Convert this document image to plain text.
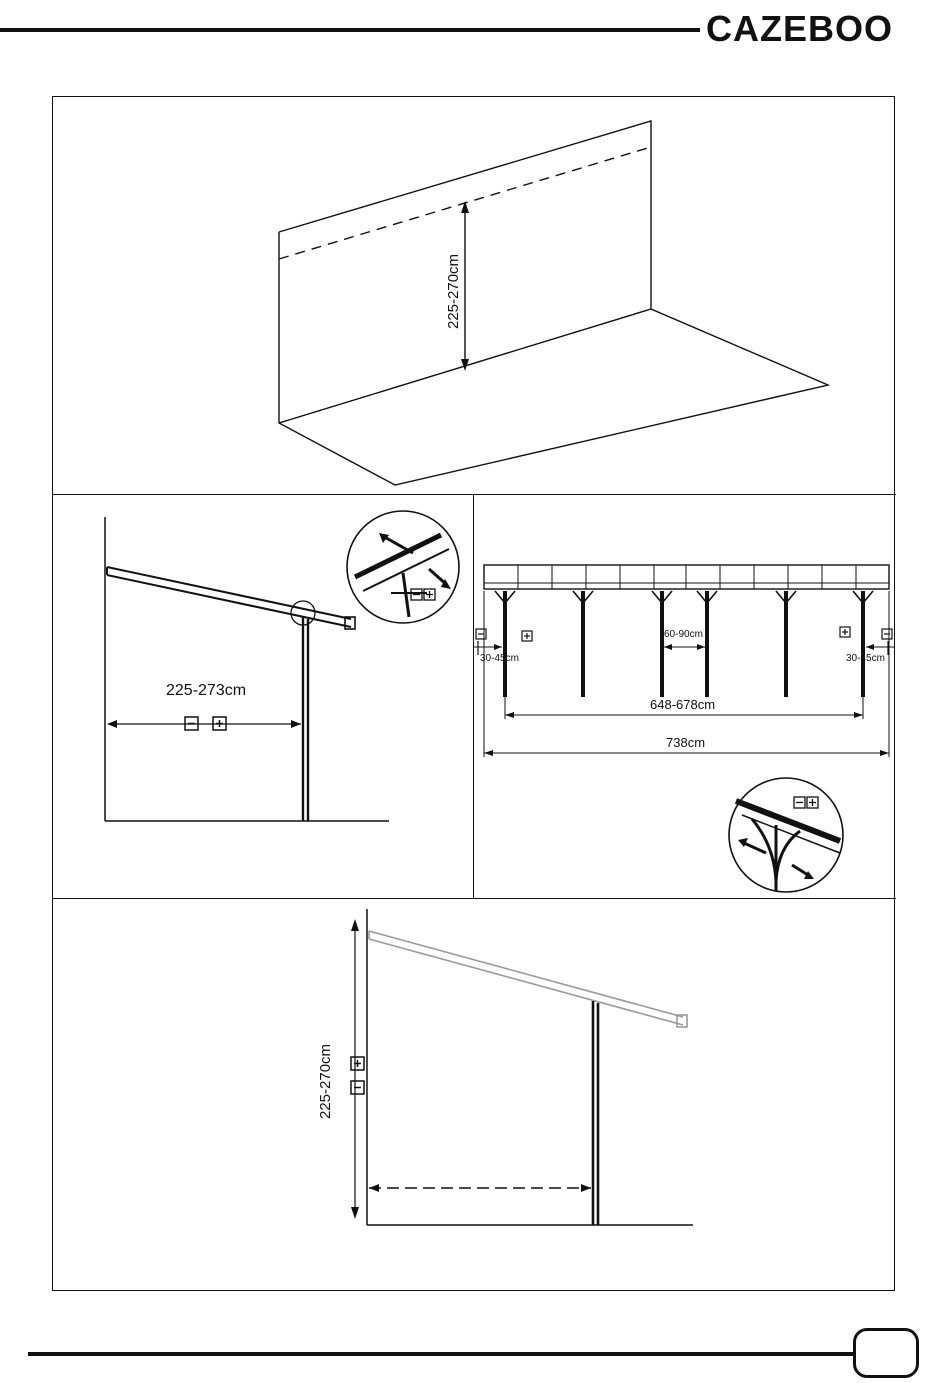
CAZEBOO
225-270cm
225-273cm
60-90cm
30-45cm	30-45cm
648-678cm
738cm
225-270cm
